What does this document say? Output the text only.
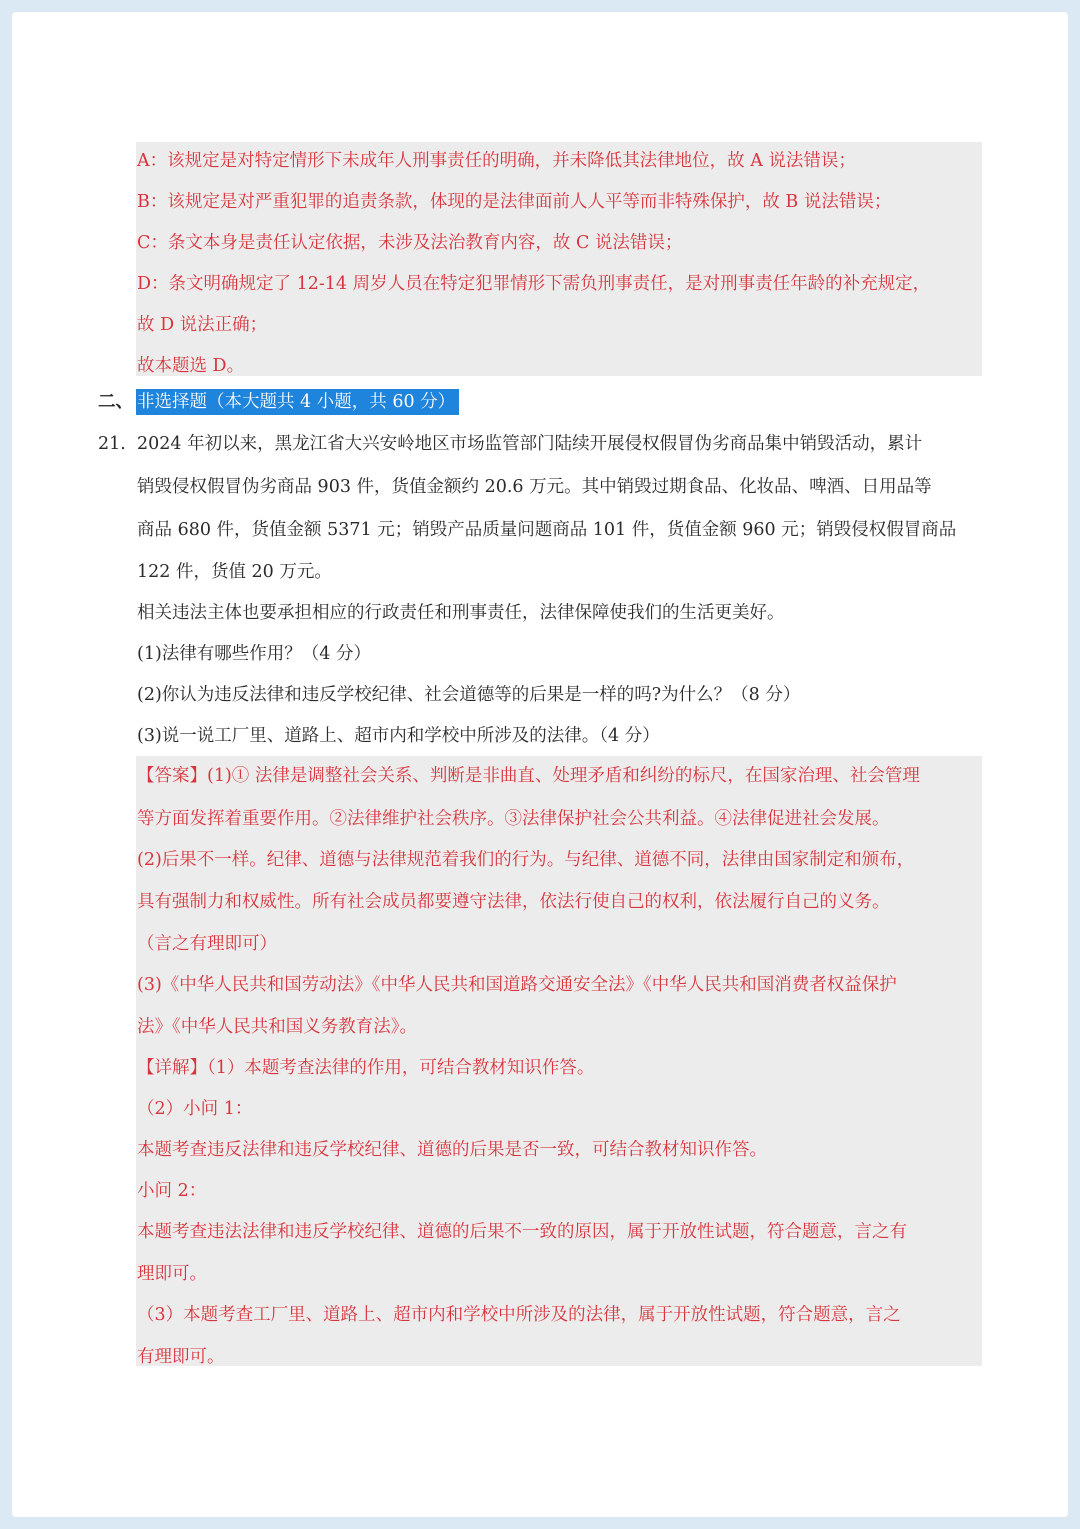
A：该规定是对特定情形下未成年人刑事责任的明确，并未降低其法律地位，故 A 说法错误；
B：该规定是对严重犯罪的追责条款，体现的是法律面前人人平等而非特殊保护，故 B 说法错误；
C：条文本身是责任认定依据，未涉及法治教育内容，故 C 说法错误；
D：条文明确规定了 12-14 周岁人员在特定犯罪情形下需负刑事责任，是对刑事责任年龄的补充规定，
故 D 说法正确；
故本题选 D。
二、 非选择题（本大题共 4 小题，共 60 分）
21. 2024 年初以来，黑龙江省大兴安岭地区市场监管部门陆续开展侵权假冒伪劣商品集中销毁活动，累计
销毁侵权假冒伪劣商品 903 件，货值金额约 20.6 万元。其中销毁过期食品、化妆品、啤酒、日用品等
商品 680 件，货值金额 5371 元；销毁产品质量问题商品 101 件，货值金额 960 元；销毁侵权假冒商品
122 件，货值 20 万元。
相关违法主体也要承担相应的行政责任和刑事责任，法律保障使我们的生活更美好。
(1)法律有哪些作用？（4 分）
(2)你认为违反法律和违反学校纪律、社会道德等的后果是一样的吗?为什么？（8 分）
(3)说一说工厂里、道路上、超市内和学校中所涉及的法律。（4 分）
【答案】(1)① 法律是调整社会关系、判断是非曲直、处理矛盾和纠纷的标尺，在国家治理、社会管理
等方面发挥着重要作用。②法律维护社会秩序。③法律保护社会公共利益。④法律促进社会发展。
(2)后果不一样。纪律、道德与法律规范着我们的行为。与纪律、道德不同，法律由国家制定和颁布，
具有强制力和权威性。所有社会成员都要遵守法律，依法行使自己的权利，依法履行自己的义务。
（言之有理即可）
(3)《中华人民共和国劳动法》《中华人民共和国道路交通安全法》《中华人民共和国消费者权益保护
法》《中华人民共和国义务教育法》。
【详解】（1）本题考查法律的作用，可结合教材知识作答。
（2）小问 1：
本题考查违反法律和违反学校纪律、道德的后果是否一致，可结合教材知识作答。
小问 2：
本题考查违法法律和违反学校纪律、道德的后果不一致的原因，属于开放性试题，符合题意，言之有
理即可。
（3）本题考查工厂里、道路上、超市内和学校中所涉及的法律，属于开放性试题，符合题意，言之
有理即可。
